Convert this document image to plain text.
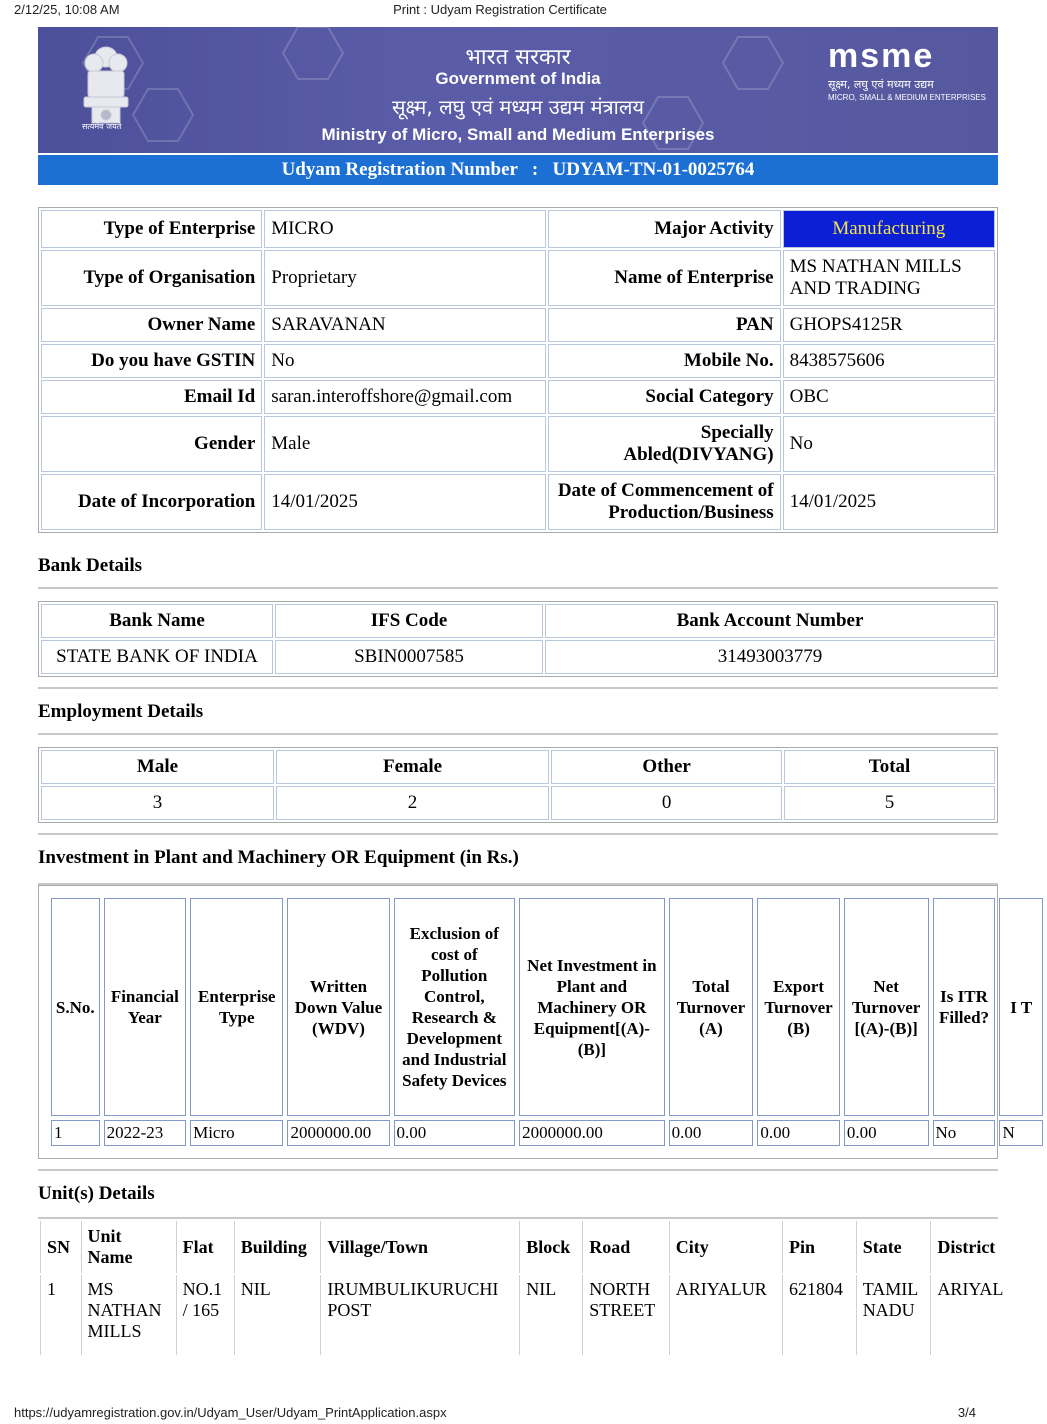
2/12/25, 10:08 AM	Print : Udyam Registration Certificate
सत्यमेव जयते
भारत सरकार
Government of India
सूक्ष्म, लघु एवं मध्यम उद्यम मंत्रालय
Ministry of Micro, Small and Medium Enterprises
msme
सूक्ष्म, लघु एवं मध्यम उद्यम
MICRO, SMALL & MEDIUM ENTERPRISES
Udyam Registration Number : UDYAM-TN-01-0025764
Type of Enterprise	MICRO	Major Activity	Manufacturing
Type of Organisation	Proprietary	Name of Enterprise	MS NATHAN MILLS AND TRADING
Owner Name	SARAVANAN	PAN	GHOPS4125R
Do you have GSTIN	No	Mobile No.	8438575606
Email Id	saran.interoffshore@gmail.com	Social Category	OBC
Gender	Male	Specially Abled(DIVYANG)	No
Date of Incorporation	14/01/2025	Date of Commencement of Production/Business	14/01/2025

Bank Details

Bank Name	IFS Code	Bank Account Number
STATE BANK OF INDIA	SBIN0007585	31493003779

Employment Details

Male	Female	Other	Total
3	2	0	5

Investment in Plant and Machinery OR Equipment (in Rs.)

S.No.	Financial Year	Enterprise Type	Written Down Value (WDV)	Exclusion of cost of Pollution Control, Research & Development and Industrial Safety Devices	Net Investment in Plant and Machinery OR Equipment[(A)-(B)]	Total Turnover (A)	Export Turnover (B)	Net Turnover [(A)-(B)]	Is ITR Filled?	I T
1	2022-23	Micro	2000000.00	0.00	2000000.00	0.00	0.00	0.00	No	N

Unit(s) Details

SN	Unit Name	Flat	Building	Village/Town	Block	Road	City	Pin	State	District
1	MS NATHAN MILLS	NO.1 / 165	NIL	IRUMBULIKURUCHI POST	NIL	NORTH STREET	ARIYALUR	621804	TAMIL NADU	ARIYAL
https://udyamregistration.gov.in/Udyam_User/Udyam_PrintApplication.aspx	3/4
